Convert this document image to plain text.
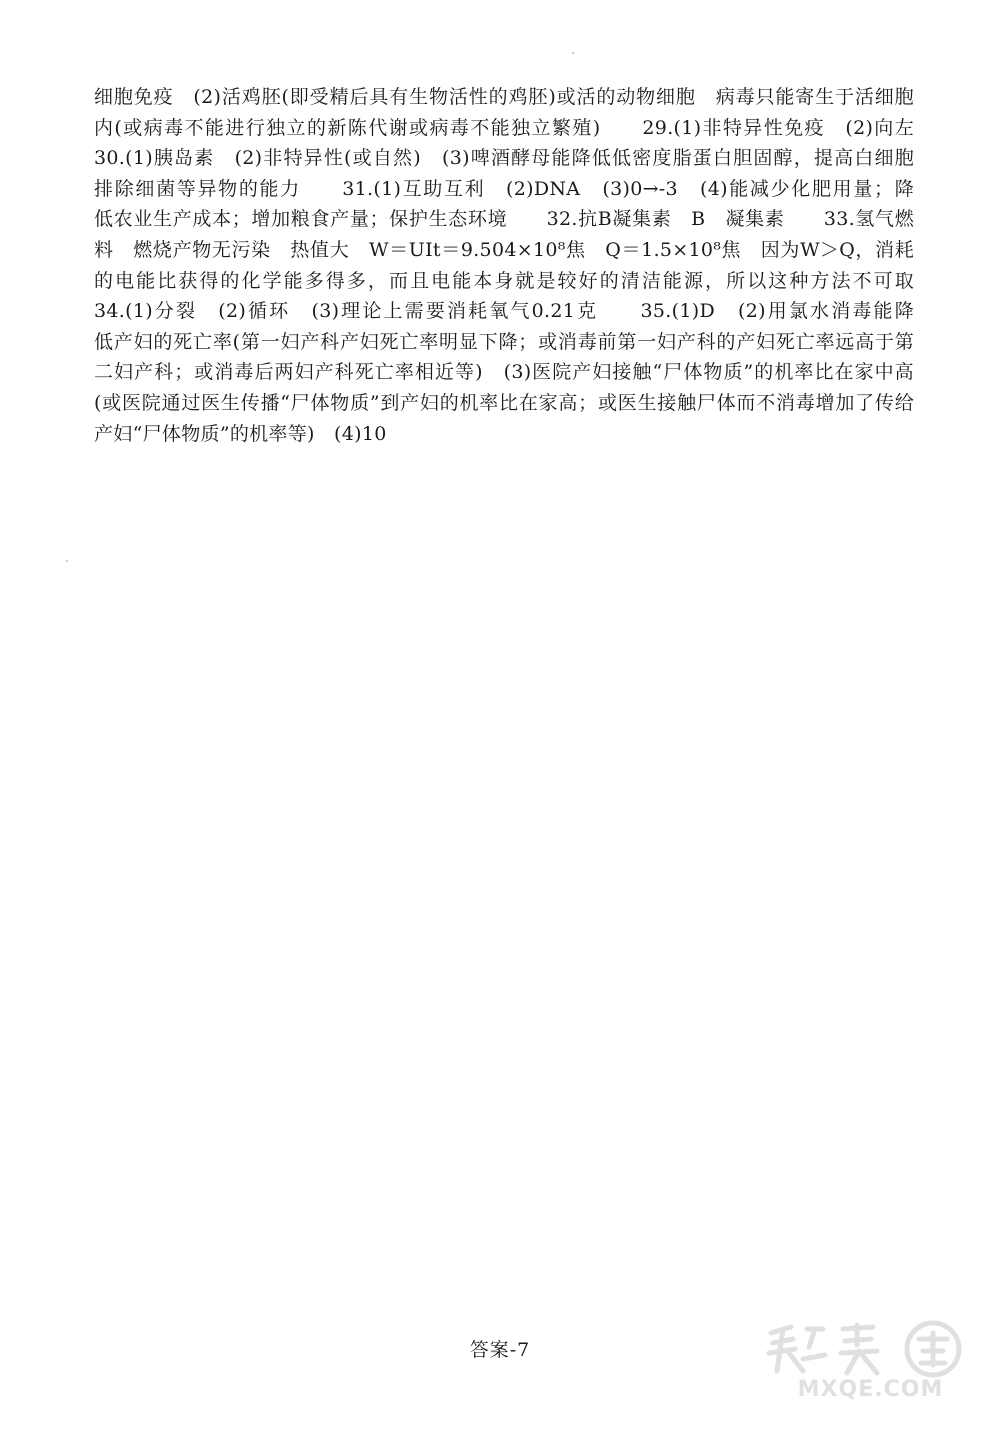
细胞免疫　(2)活鸡胚(即受精后具有生物活性的鸡胚)或活的动物细胞　病毒只能寄生于活细胞
内(或病毒不能进行独立的新陈代谢或病毒不能独立繁殖)　　29.(1)非特异性免疫　(2)向左
30.(1)胰岛素　(2)非特异性(或自然)　(3)啤酒酵母能降低低密度脂蛋白胆固醇，提高白细胞
排除细菌等异物的能力　　31.(1)互助互利　(2)DNA　(3)0→-3　(4)能减少化肥用量；降
低农业生产成本；增加粮食产量；保护生态环境　　32.抗B凝集素　B　凝集素　　33.氢气燃
料　燃烧产物无污染　热值大　W＝UIt＝9.504×10⁸焦　Q＝1.5×10⁸焦　因为W＞Q，消耗
的电能比获得的化学能多得多，而且电能本身就是较好的清洁能源，所以这种方法不可取
34.(1)分裂　(2)循环　(3)理论上需要消耗氧气0.21克　　35.(1)D　(2)用氯水消毒能降
低产妇的死亡率(第一妇产科产妇死亡率明显下降；或消毒前第一妇产科的产妇死亡率远高于第
二妇产科；或消毒后两妇产科死亡率相近等)　(3)医院产妇接触“尸体物质”的机率比在家中高
(或医院通过医生传播“尸体物质”到产妇的机率比在家高；或医生接触尸体而不消毒增加了传给
产妇“尸体物质”的机率等)　(4)10
答案-7
MXQE.COM
